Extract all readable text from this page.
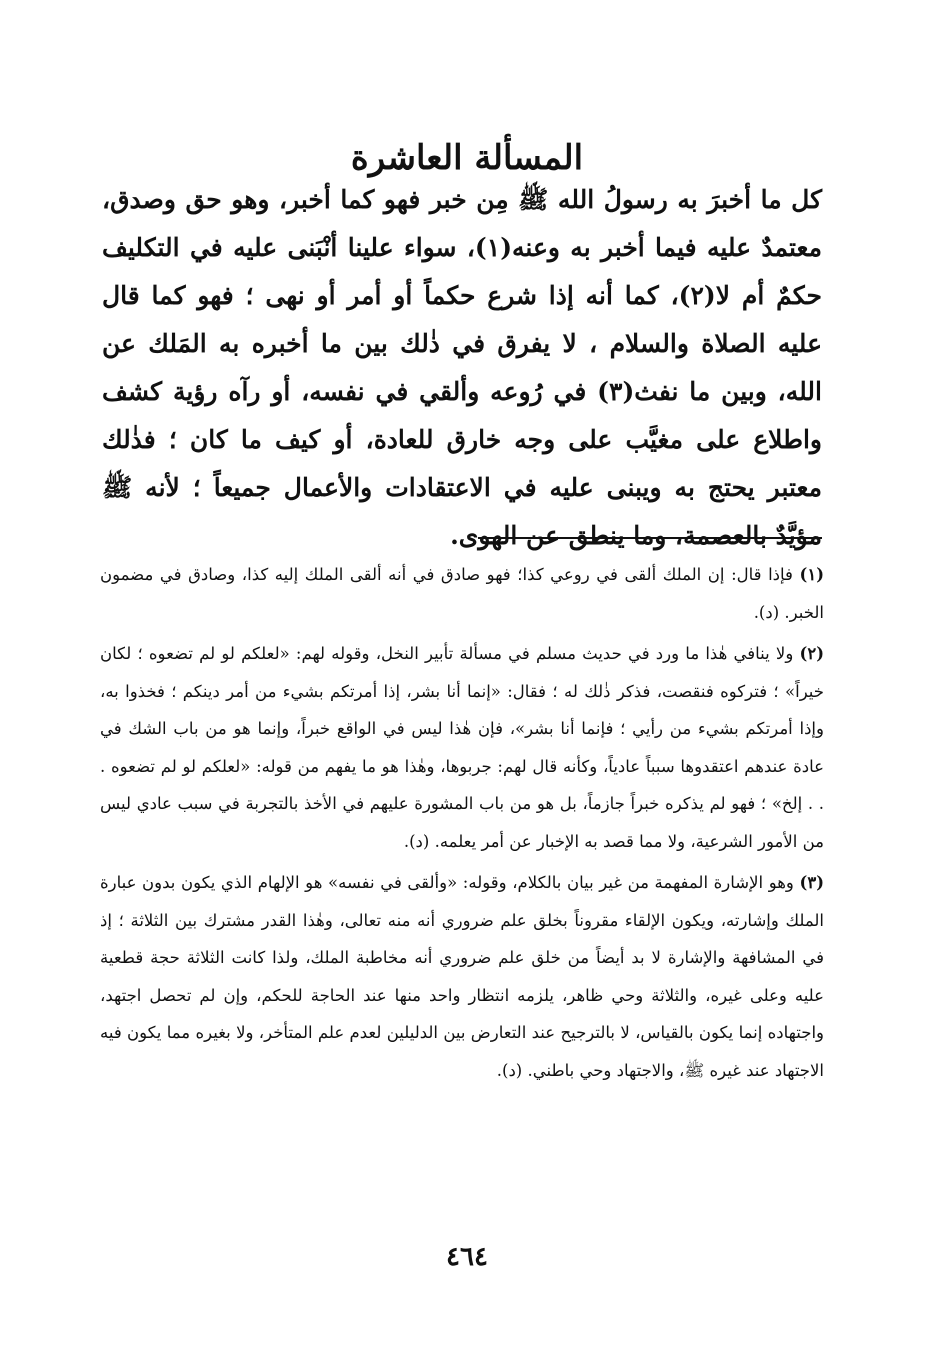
المسألة العاشرة

كل ما أخبرَ به رسولُ الله ﷺ مِن خبر فهو كما أخبر، وهو حق وصدق، معتمدٌ عليه فيما أخبر به وعنه(١)، سواء علينا أنْبَنى عليه في التكليف حكمٌ أم لا(٢)، كما أنه إذا شرع حكماً أو أمر أو نهى ؛ فهو كما قال عليه الصلاة والسلام ، لا يفرق في ذٰلك بين ما أخبره به المَلك عن الله، وبين ما نفث(٣) في رُوعه وألقي في نفسه، أو رآه رؤية كشف واطلاع على مغيَّب على وجه خارق للعادة، أو كيف ما كان ؛ فذٰلك معتبر يحتج به ويبنى عليه في الاعتقادات والأعمال جميعاً ؛ لأنه ﷺ مؤيَّدٌ بالعصمة، وما ينطق عن الهوى.

(١) فإذا قال: إن الملك ألقى في روعي كذا؛ فهو صادق في أنه ألقى الملك إليه كذا، وصادق في مضمون الخبر. (د).

(٢) ولا ينافي هٰذا ما ورد في حديث مسلم في مسألة تأبير النخل، وقوله لهم: «لعلكم لو لم تضعوه ؛ لكان خيراً» ؛ فتركوه فنقصت، فذكر ذٰلك له ؛ فقال: «إنما أنا بشر، إذا أمرتكم بشيء من أمر دينكم ؛ فخذوا به، وإذا أمرتكم بشيء من رأيي ؛ فإنما أنا بشر»، فإن هٰذا ليس في الواقع خبراً، وإنما هو من باب الشك في عادة عندهم اعتقدوها سبباً عادياً، وكأنه قال لهم: جربوها، وهٰذا هو ما يفهم من قوله: «لعلكم لو لم تضعوه . . . إلخ» ؛ فهو لم يذكره خبراً جازماً، بل هو من باب المشورة عليهم في الأخذ بالتجربة في سبب عادي ليس من الأمور الشرعية، ولا مما قصد به الإخبار عن أمر يعلمه. (د).

(٣) وهو الإشارة المفهمة من غير بيان بالكلام، وقوله: «وألقى في نفسه» هو الإلهام الذي يكون بدون عبارة الملك وإشارته، ويكون الإلقاء مقروناً بخلق علم ضروري أنه منه تعالى، وهٰذا القدر مشترك بين الثلاثة ؛ إذ في المشافهة والإشارة لا بد أيضاً من خلق علم ضروري أنه مخاطبة الملك، ولذا كانت الثلاثة حجة قطعية عليه وعلى غيره، والثلاثة وحي ظاهر، يلزمه انتظار واحد منها عند الحاجة للحكم، وإن لم تحصل اجتهد، واجتهاده إنما يكون بالقياس، لا بالترجيح عند التعارض بين الدليلين لعدم علم المتأخر، ولا بغيره مما يكون فيه الاجتهاد عند غيره ﷺ، والاجتهاد وحي باطني. (د).

٤٦٤
